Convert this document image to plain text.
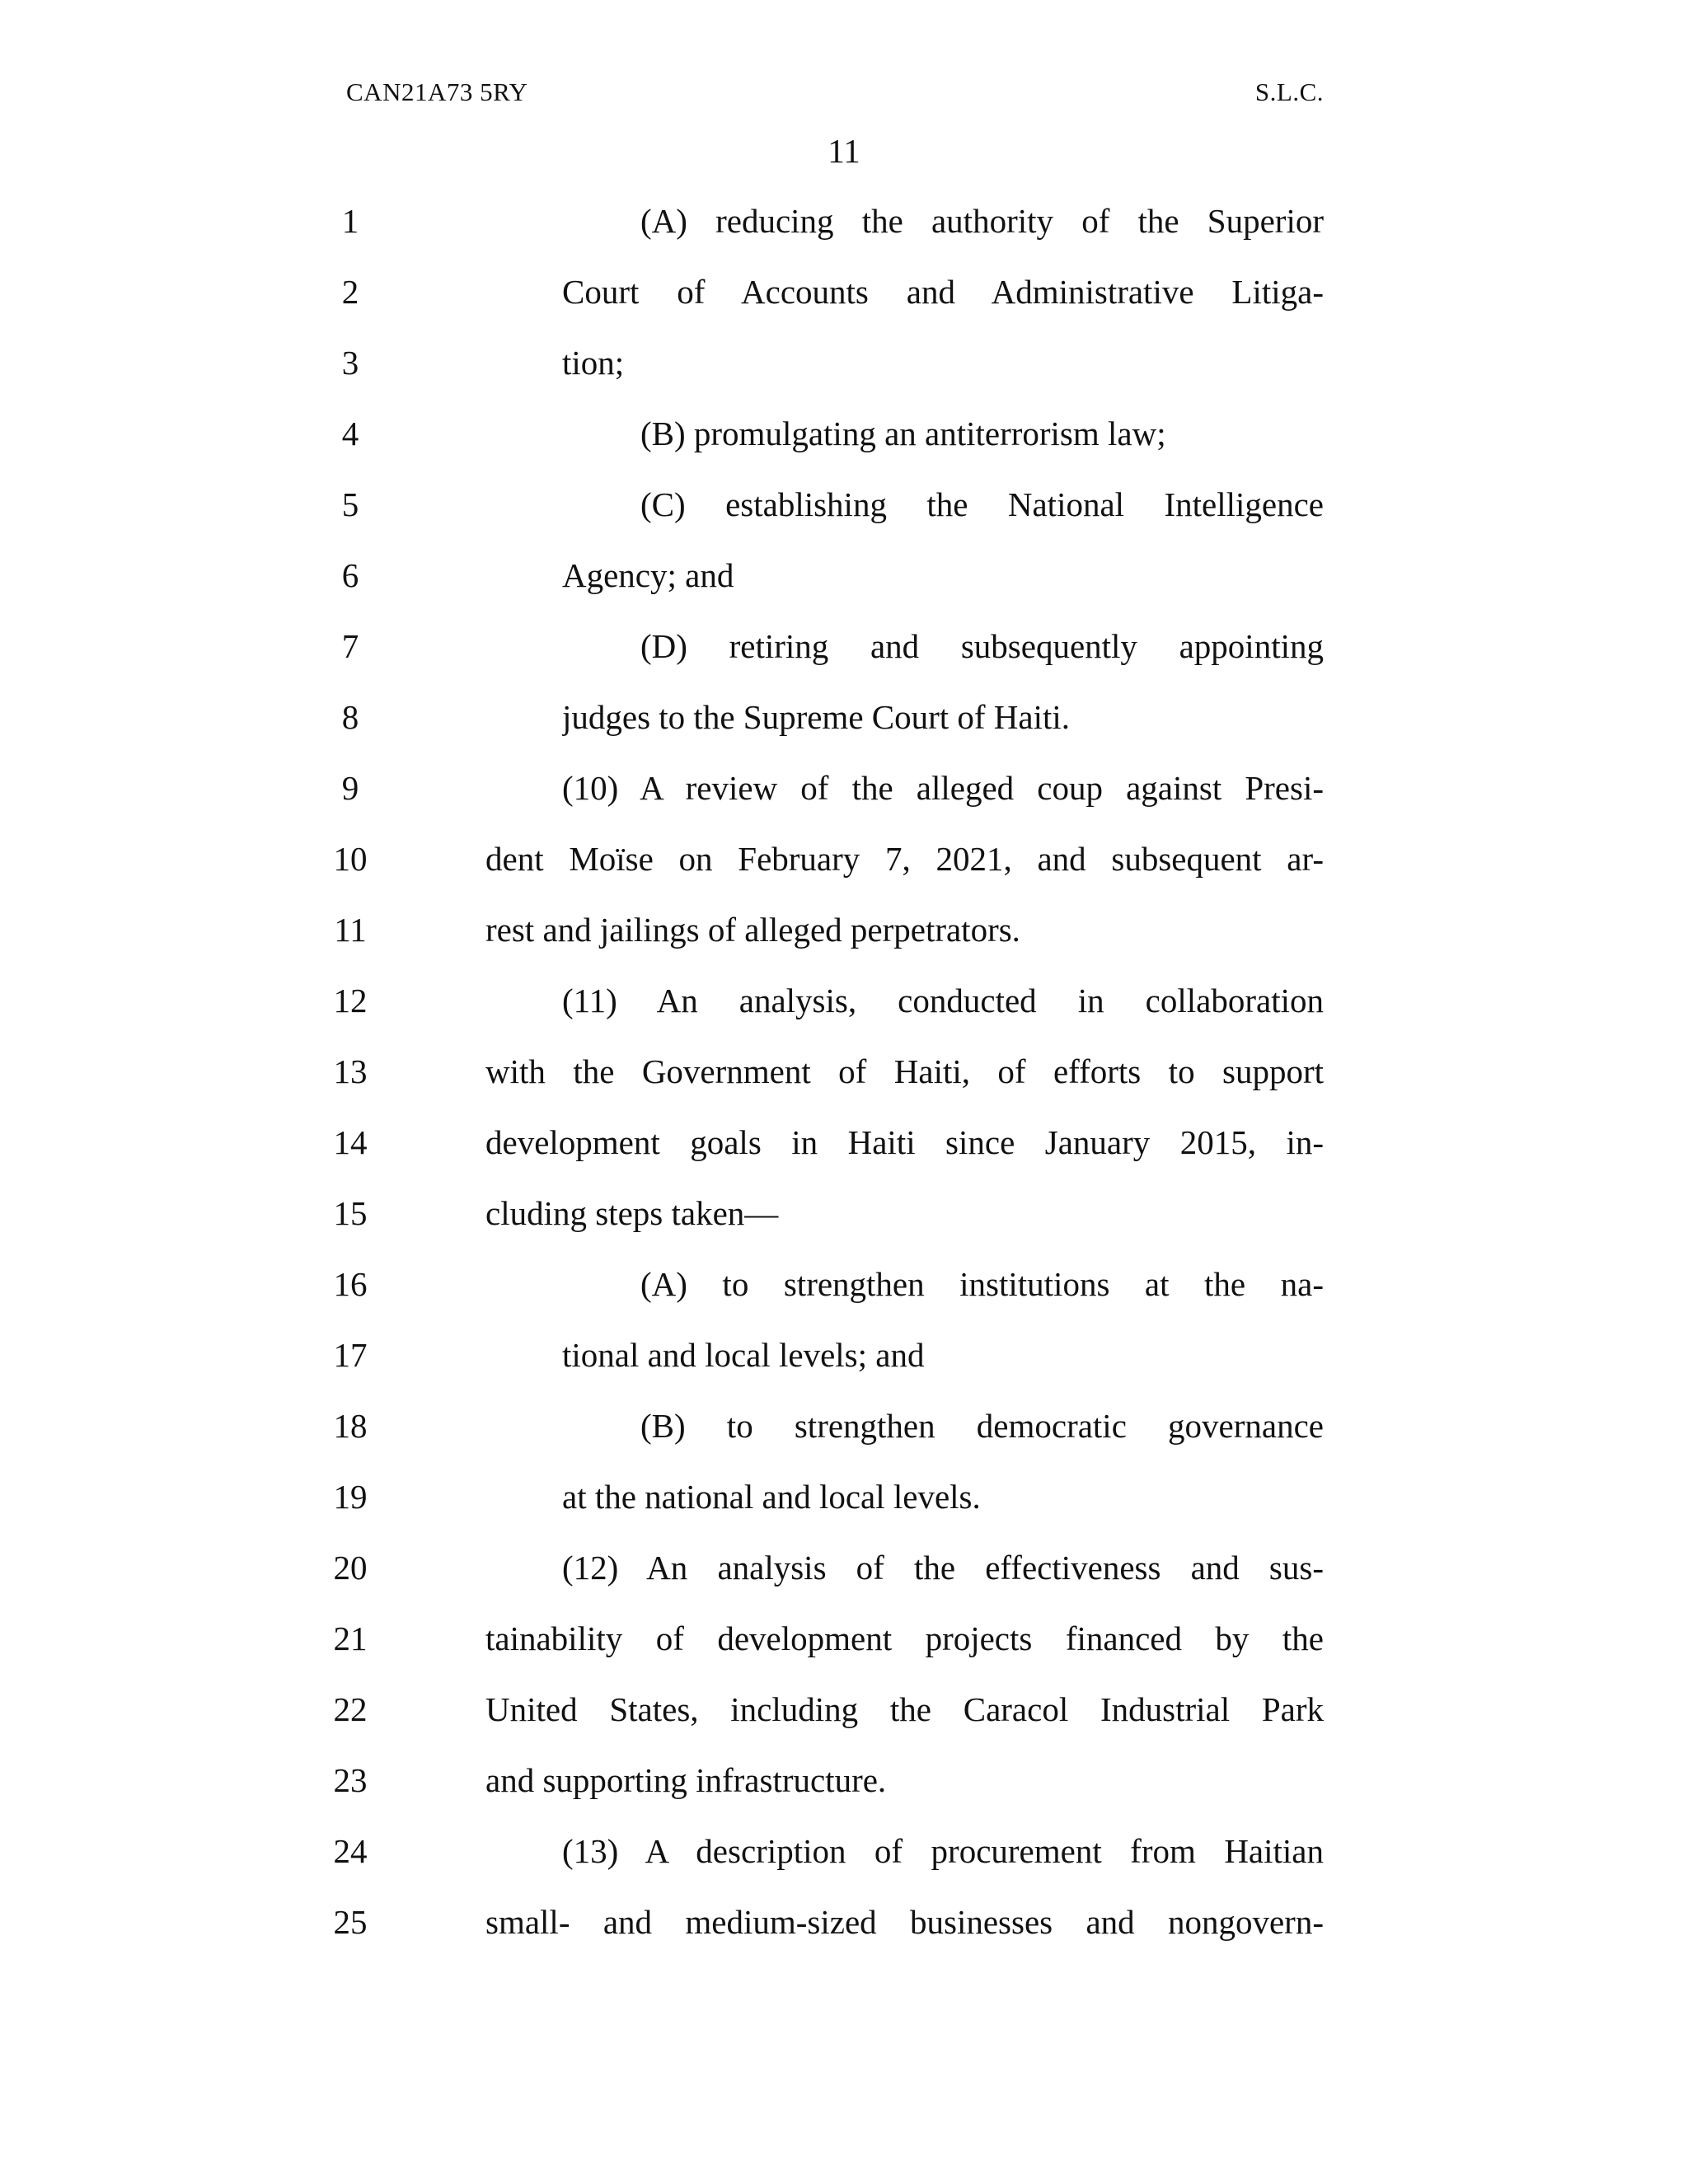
CAN21A73 5RY	S.L.C.
11
1	(A) reducing the authority of the Superior
2	Court of Accounts and Administrative Litiga-
3	tion;
4	(B) promulgating an antiterrorism law;
5	(C) establishing the National Intelligence
6	Agency; and
7	(D) retiring and subsequently appointing
8	judges to the Supreme Court of Haiti.
9	(10) A review of the alleged coup against Presi-
10	dent Moïse on February 7, 2021, and subsequent ar-
11	rest and jailings of alleged perpetrators.
12	(11) An analysis, conducted in collaboration
13	with the Government of Haiti, of efforts to support
14	development goals in Haiti since January 2015, in-
15	cluding steps taken—
16	(A) to strengthen institutions at the na-
17	tional and local levels; and
18	(B) to strengthen democratic governance
19	at the national and local levels.
20	(12) An analysis of the effectiveness and sus-
21	tainability of development projects financed by the
22	United States, including the Caracol Industrial Park
23	and supporting infrastructure.
24	(13) A description of procurement from Haitian
25	small- and medium-sized businesses and nongovern-
